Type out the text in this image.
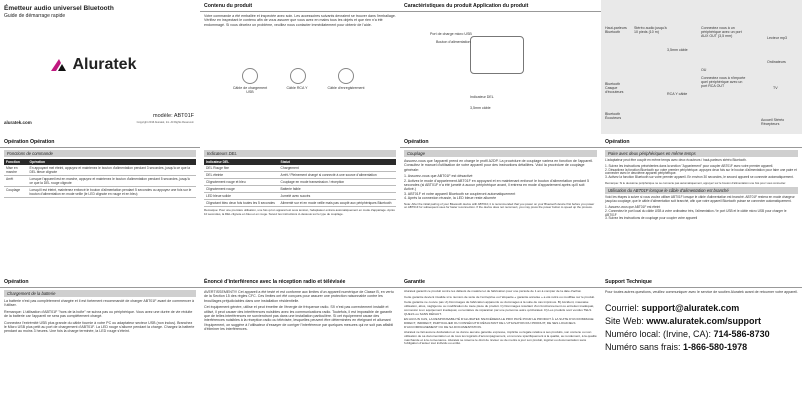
Émetteur audio universel Bluetooth
Guide de démarrage rapide
Aluratek
modèle: ABT01F
aluratek.com	Copyright 2016 Aluratek, Inc. All Rights Reserved.
Contenu du produit
Votre commande a été emballée et inspectée avec soin. Les accessoires suivants devraient se trouver dans l'emballage. Vérifiez en inspectant le contenu afin de vous assurer que vous avez en mains tous les objets et que rien n'a été endommagé. Si vous décelez un problème, veuillez nous contacter immédiatement pour obtenir de l'aide.
Câble de chargement USB
Câble RCA Y	Câble d'enregistrement
Caractéristiques du produit Application du produit
Port de charge micro USB
Bouton d'alimentation
Indicateur DEL
3,5mm câble
Haut-parleurs Bluetooth
Bluetooth Casque d'écouteurs
Bluetooth Écouteurs
Stéréo audio jusqu'à 10 pieds (10 m)
3,5mm câble
RCA Y câble
Connectez vous à un périphérique avec un port AUX OUT (3,5 mm)
OU
Connectez vous à n'importe quel périphérique avec un port RCA OUT
Lecteur mp3
Ordinateurs
TV
Accueil Stéréo Récepteurs
Opération Opération
Fonctions de commande
Fonction	Opération
Mise en marche	En appuyant mel éteint, appuyez et maintenez le bouton d'alimentation pendant 3 secondes, jusqu'à ce que la DEL bleue clignote
Arrêt	Lorsque l'appareil est en marche, appuyez et maintenez le bouton d'alimentation pendant 5 secondes, jusqu'à ce que la DEL rouge clignote
Couplage	Lorsqu'il est éteint, maintenez enfoncé le bouton d'alimentation pendant 5 secondes ou appuyez une fois sur le bouton d'alimentation en mode veille (le LED clignote en rouge et en bleu)
Indicateurs DEL
Indicateur DEL	Statut
DEL Rouge fixe	Chargement
DEL éteinte	Arrêt / Pleinement chargé si connecté à une source d'alimentation
Clignotement rouge et bleu	Couplage en mode transmission / réception
Clignotement rouge	Batterie faible
LED bleue solide	Jumelé avec succès
Clignotant bleu deux fois toutes les 5 secondes	Alimenté sur et en mode veille mais pas couplé aux périphériques Bluetooth
Remarque: Pour une première utilisation, une fois qu'un appareil est sous tension, l'adaptateur entrera automatiquement en mode d'appairage. Après 10 secondes, la DEL clignote en bleu et en rouge. Suivez les instructions ci-dessous sur le type de couplage.
Opération
Couplage
Assurez-vous que l'appareil prend en charge le profil A2DP. La procédure de couplage variera en fonction de l'appareil. Consultez le manuel d'utilisation de votre appareil pour des instructions détaillées. Voici la procédure de couplage générale:
1. Assurez-vous que ABT01F est désactivé
2. Activez le mode d'appariement ABT01F en appuyant et en maintenant enfoncé le bouton d'alimentation pendant 5 secondes (si ABT01F n'a été jumelé à aucun périphérique avant, il entrera en mode d'appariement après qu'il soit Activé.)
3. ABT01F et votre appareil Bluetooth se coupleront automatiquement
4. Après la connexion réussie, la LED bleue reste allumée
Note: After the initial pairing of your Bluetooth device with ABT01F, it is recommended that you power on your Bluetooth device first before you power on ABT01F for subsequent uses for faster reconnection. If the device does not reconnect, you may press the power button to speed up the process.
Opération
Paire avec deux périphériques en même temps
L'adaptateur peut être couplé en même temps avec deux écouteurs / haut-parleurs stéréo Bluetooth.
1. Suivez les instructions précédentes dans la section "Appariement" pour coupler ABT01F avec votre premier appareil.
2. Désactivez la fonction Bluetooth sur votre premier périphérique. appuyez deux fois sur le bouton d'alimentation pour faire une paire et connecter avec le deuxième appareil périphérique.
3. Activez la fonction Bluetooth sur votre premier appareil. En environ 30 secondes, le second appareil se connecte automatiquement.
Remarque: Si le deuxième périphérique ne se connecte pas automatiquement, appuyez sur le bouton d'alimentation une fois pour vous connecter.
Utilisation du ABT01F lorsque le câble d'alimentation est branché
Voici les étapes à suivre si vous voulez utiliser ABT01F lorsque le câble d'alimentation est branché. ABT01F restera en mode chargeur jusqu'au couplage, que le câble d'alimentation soit branché, afin que votre appareil Bluetooth puisse se connecter automatiquement.
1. Assurez-vous que ABT01F est éteint
2. Connectez le port local du câble USB à votre ordinateur très, l'alimentation / le port USB et le câble micro USB pour charger le ABT01F
3. Suivez les instructions de couplage pour coupler votre appareil
Opération
Chargement de la batterie
La batterie n'est pas complètement chargée et il est fortement recommandé de charger ABT01F avant de commencer à l'utiliser.
Remarque: L'utilisation d'ABT01F "hors de la boîte" ne suivra pas ou périphérique. Vous avez une durée de vie réduite de la batterie car l'appareil ne sera pas complètement chargé.
Connectez l'extrémité USB plus grande du câble fournie à votre PC ou adaptateur secteur USB (non inclus). Branchez le Micro USB plus petit au port de chargement d'ABT01F. La LED rouge s'allume pendant la charge. Chargez la batterie pendant au moins 3 heures. Une fois la charge terminée, la LED rouge s'éteint.
Énoncé d'interférence avec la réception radio et télévisée
AVERTISSEMENT!!! Cet appareil a été testé et est conforme aux limites d'un appareil numérique de Classe B, en vertu de la Section 15 des règles CFC. Ces limites ont été conçues pour assurer une protection raisonnable contre les brouillages préjudiciables dans une installation résidentielle.
Cet équipement génère, utilise et peut émettre de l'énergie de fréquence radio. S'il n'est pas correctement installé et utilisé, il peut causer des interférences nuisibles avec les communications radio. Toutefois, il est impossible de garantir que de telles interférences ne surviendront pas dans une installation particulière. Si cet équipement cause des interférences nuisibles à la réception radio ou télévisée, lesquelles peuvent être déterminées en éteignant et allumant l'équipement, on suggère à l'utilisateur d'essayer de corriger l'interférence par quelques mesures qui ne soit pas affaibli d'éliminer les interférences.
Garantie
Aluratek garantit ce produit contre les défauts de matériel et de fabrication pour une période de 1 an à compter de la date d'achat.
Cette garantie devient invalide si le numéro de série de l'entreprise ou l'étiquette « garantie annulée » a été retiré ou modifiée sur le produit.
Cette garantie ne couvre pas: A) Dommages de fabrication apparents ou dommages à la suite de cas imprévus. B) Accident, mauvaise utilisation, abus, négligence ou modification de toute pièce du produit. C) Dommages résultant d'un fonctionnement ou entretien inadéquat, connexion à un équipement inadéquat, ou tentative de réparation par une personne autre qu'Aluratek. D) Les produits sont vendus TELS QUELS ou SANS DÉFAUT.
EN AUCUN CAS, LA RESPONSABILITÉ D'ALURATEK N'EXCÉDERA LE PRIX PAYÉ POUR LE PRODUIT À LA SUITE D'UN DOMMAGE DIRECT, INDIRECT, PARTICULIER OU CONSÉCUTIF RÉSULTANT DE L'UTILISATION DU PRODUIT, DE SES LOGICIELS D'ACCOMPAGNEMENT OU DE SA DOCUMENTATION.
Aluratek ne fait aucune déclaration et ne donne aucune garantie expresse, implicite ou légale relative à ses produits, son contenu ou son utilisation de sa documentation et de tous les logiciels d'accompagnement, et renonce spécifiquement à la qualité, au rendement, à la qualité marchande et à la convenance. Aluratek se réserve le droit de réviser ou de mettre à jour son produit, logiciel ou documentation sans l'obligation d'aviser tout individu ou entité.
Support Technique
Pour toutes autres questions, veuillez communiquer avec le service de soutien Aluratek avant de retourner votre appareil.
Courriel: support@aluratek.com
Site Web: www.aluratek.com/support
Numéro local: (Irvine, CA): 714-586-8730
Numéro sans frais: 1-866-580-1978
